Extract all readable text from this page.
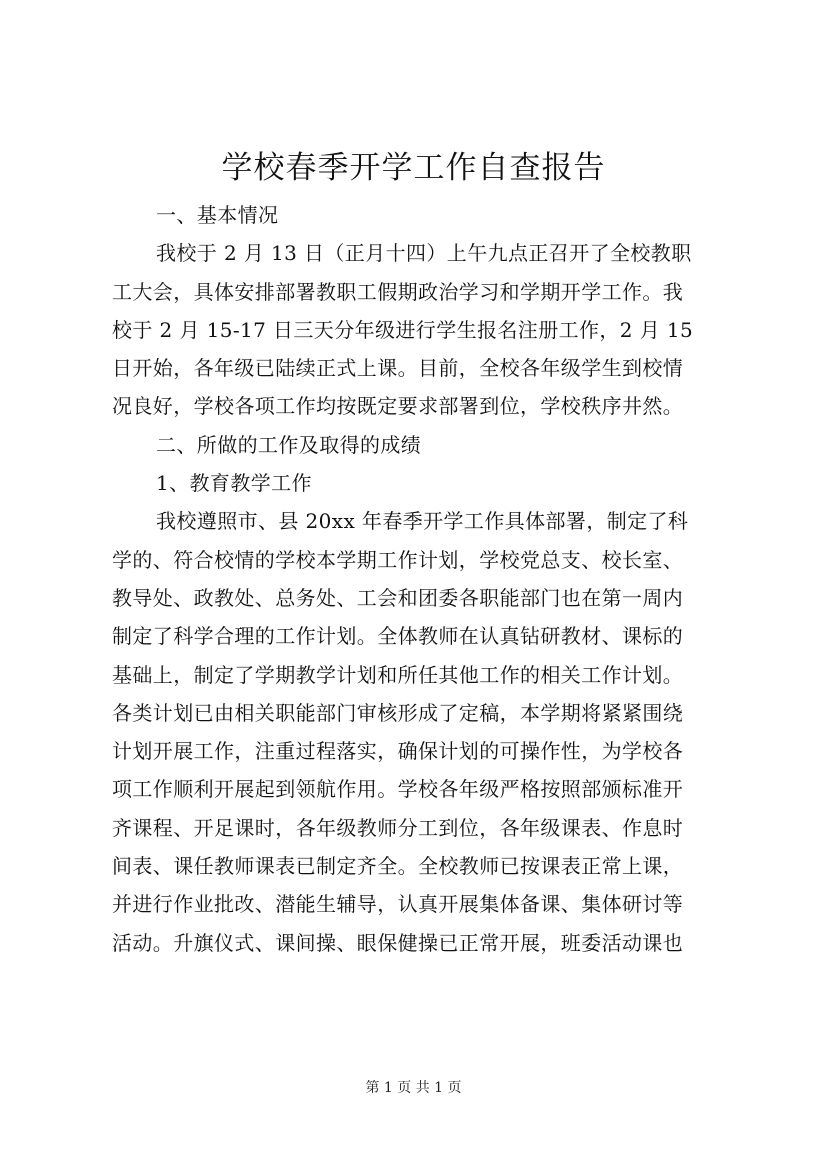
学校春季开学工作自查报告
一、基本情况
我校于 2 月 13 日（正月十四）上午九点正召开了全校教职
工大会，具体安排部署教职工假期政治学习和学期开学工作。我
校于 2 月 15-17 日三天分年级进行学生报名注册工作，2 月 15
日开始，各年级已陆续正式上课。目前，全校各年级学生到校情
况良好，学校各项工作均按既定要求部署到位，学校秩序井然。
二、所做的工作及取得的成绩
1、教育教学工作
我校遵照市、县 20xx 年春季开学工作具体部署，制定了科
学的、符合校情的学校本学期工作计划，学校党总支、校长室、
教导处、政教处、总务处、工会和团委各职能部门也在第一周内
制定了科学合理的工作计划。全体教师在认真钻研教材、课标的
基础上，制定了学期教学计划和所任其他工作的相关工作计划。
各类计划已由相关职能部门审核形成了定稿，本学期将紧紧围绕
计划开展工作，注重过程落实，确保计划的可操作性，为学校各
项工作顺利开展起到领航作用。学校各年级严格按照部颁标准开
齐课程、开足课时，各年级教师分工到位，各年级课表、作息时
间表、课任教师课表已制定齐全。全校教师已按课表正常上课，
并进行作业批改、潜能生辅导，认真开展集体备课、集体研讨等
活动。升旗仪式、课间操、眼保健操已正常开展，班委活动课也
第 1 页 共 1 页
